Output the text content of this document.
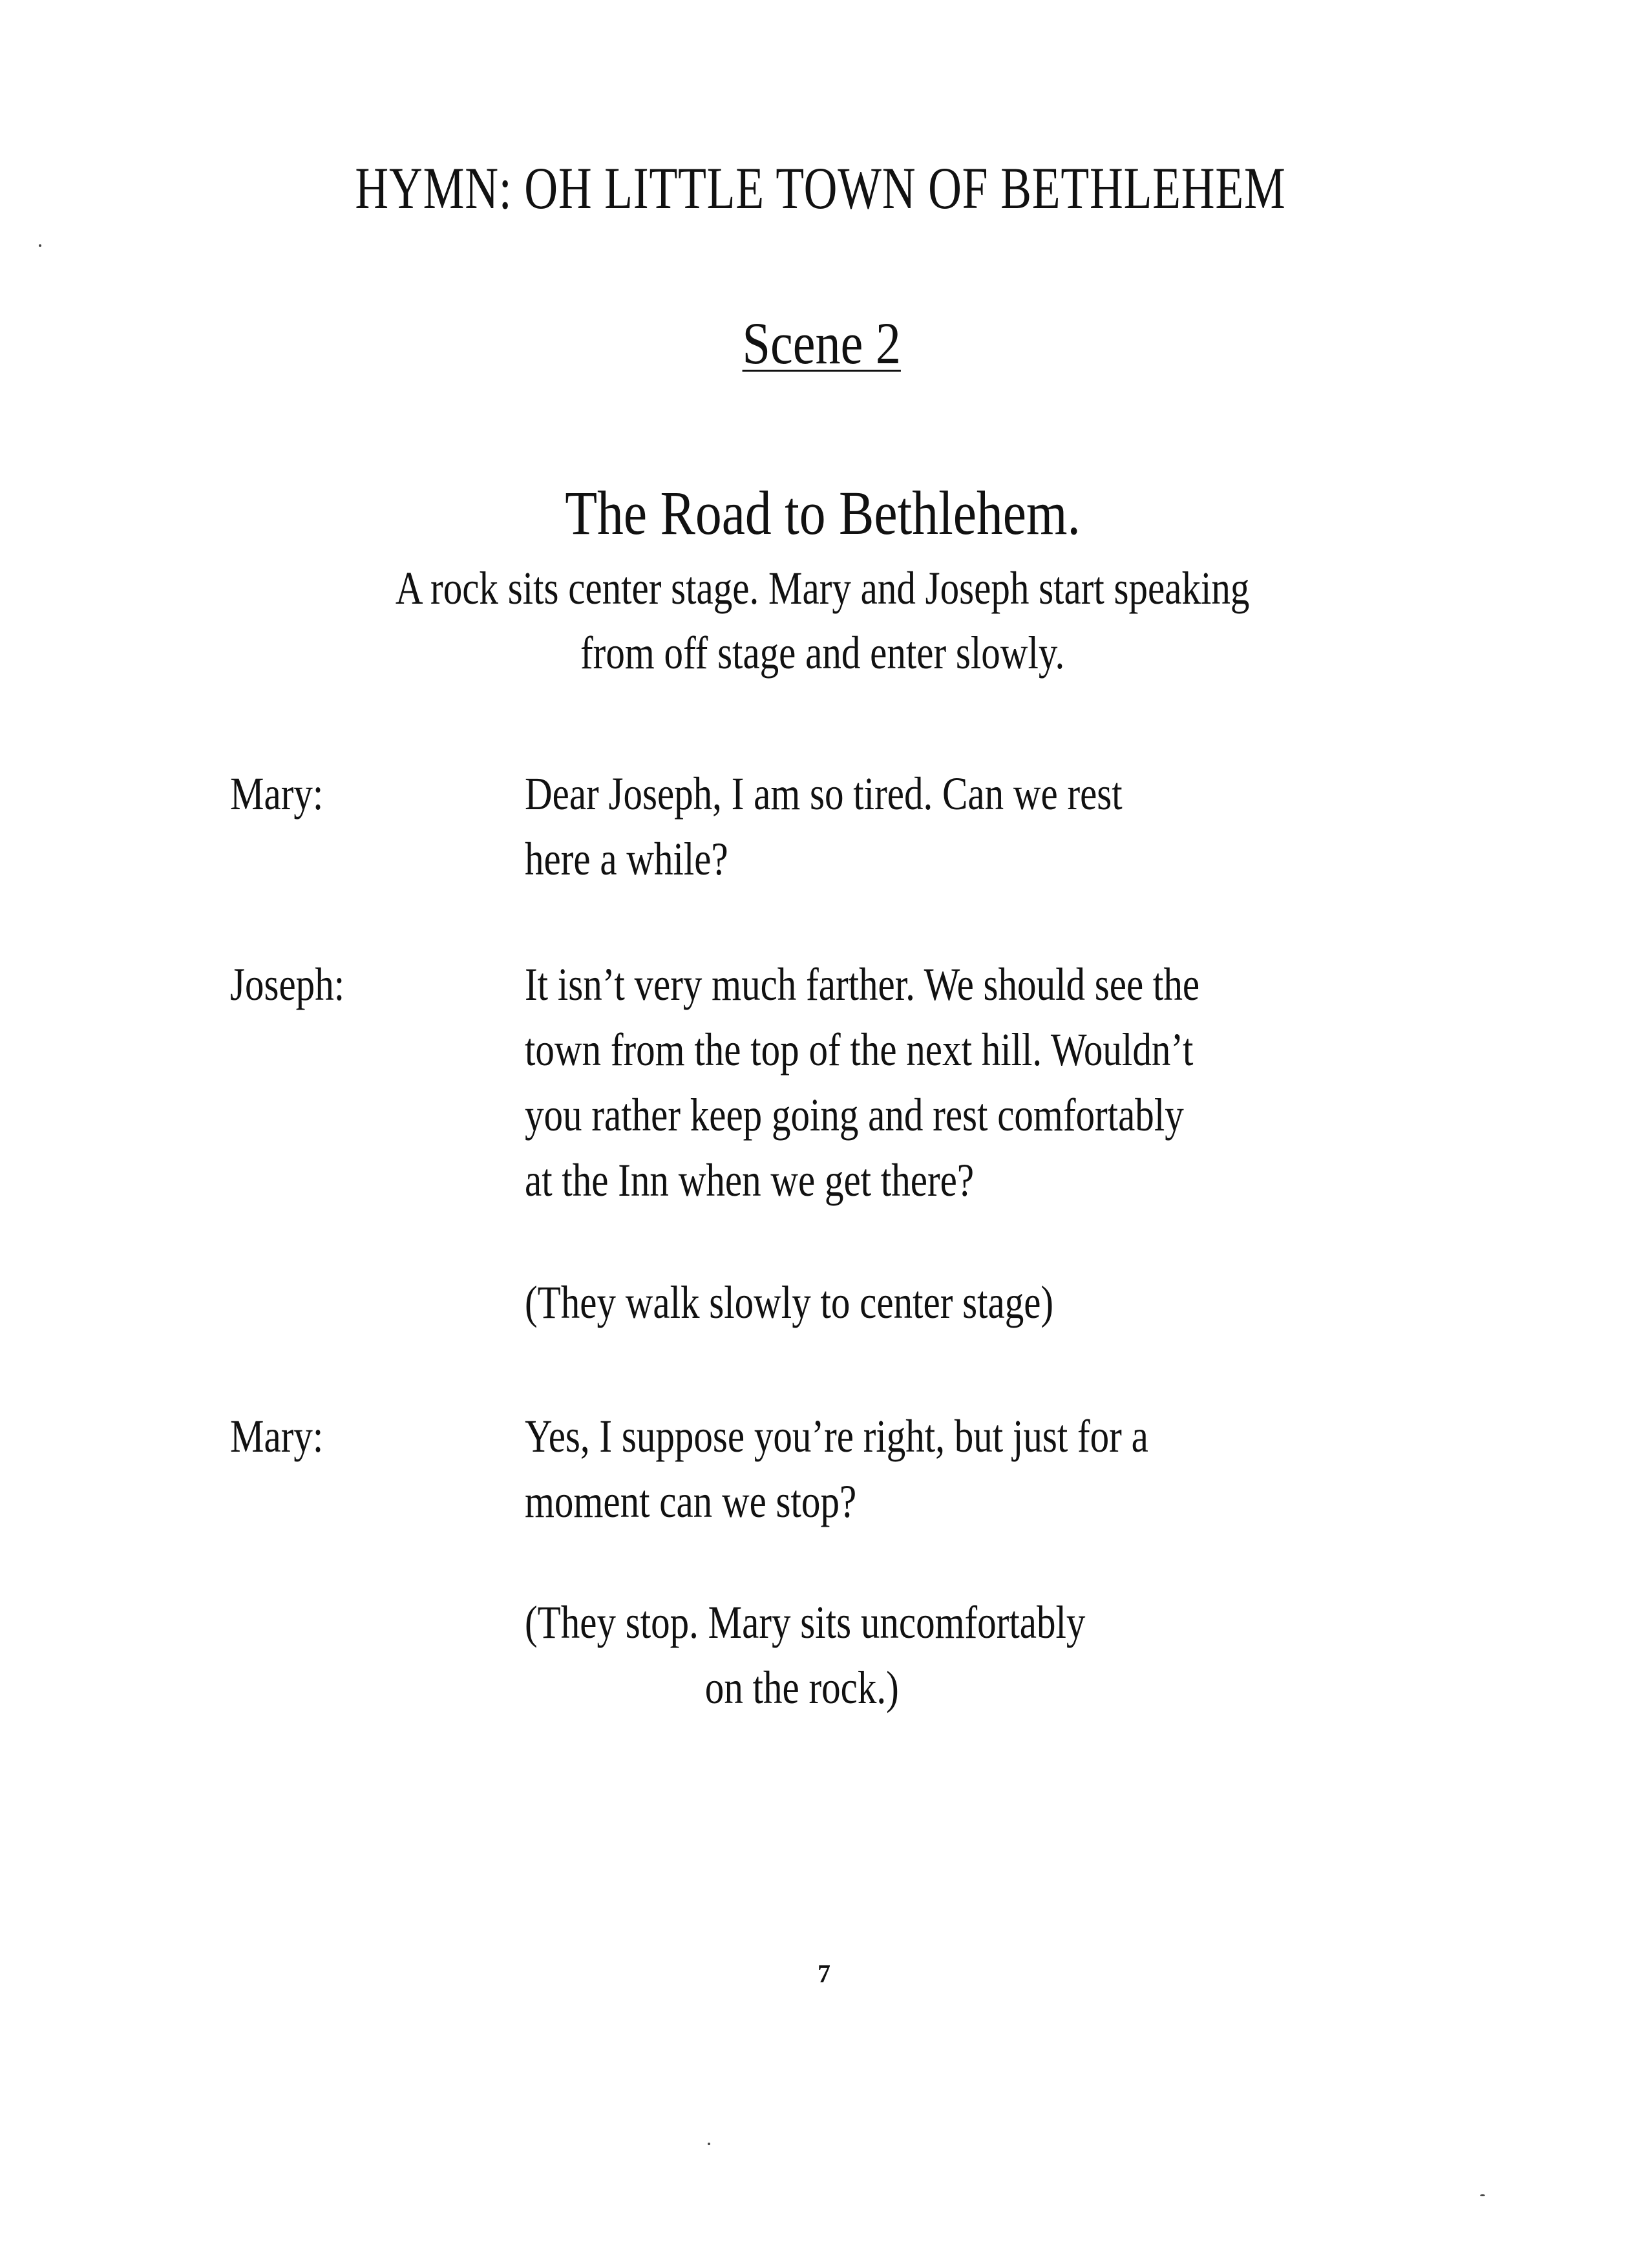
HYMN: OH LITTLE TOWN OF BETHLEHEM
Scene 2
The Road to Bethlehem.
A rock sits center stage. Mary and Joseph start speaking
from off stage and enter slowly.
Mary:	Dear Joseph, I am so tired. Can we rest
here a while?
Joseph:	It isn’t very much farther. We should see the
town from the top of the next hill. Wouldn’t
you rather keep going and rest comfortably
at the Inn when we get there?
(They walk slowly to center stage)
Mary:	Yes, I suppose you’re right, but just for a
moment can we stop?
(They stop. Mary sits uncomfortably
on the rock.)
7
